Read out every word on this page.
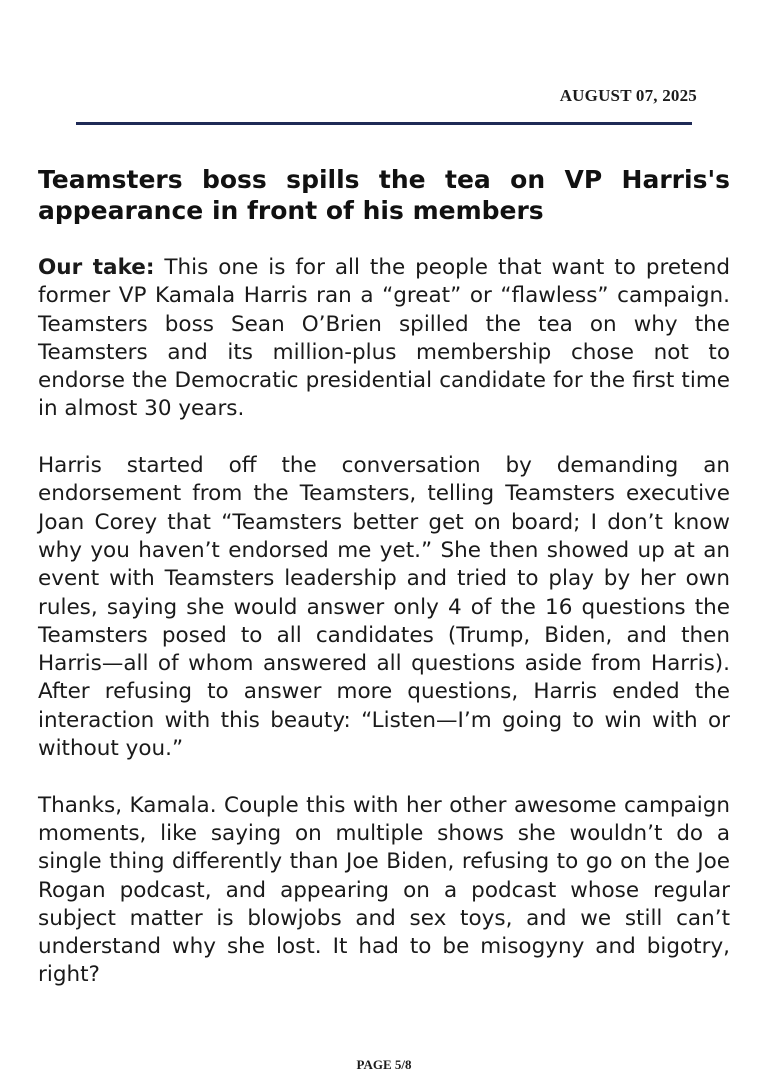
AUGUST 07, 2025
Teamsters boss spills the tea on VP Harris's appearance in front of his members

Our take: This one is for all the people that want to pretend former VP Kamala Harris ran a “great” or “flawless” campaign. Teamsters boss Sean O’Brien spilled the tea on why the Teamsters and its million-plus membership chose not to endorse the Democratic presidential candidate for the first time in almost 30 years.

Harris started off the conversation by demanding an endorsement from the Teamsters, telling Teamsters executive Joan Corey that “Teamsters better get on board; I don’t know why you haven’t endorsed me yet.” She then showed up at an event with Teamsters leadership and tried to play by her own rules, saying she would answer only 4 of the 16 questions the Teamsters posed to all candidates (Trump, Biden, and then Harris—all of whom answered all questions aside from Harris). After refusing to answer more questions, Harris ended the interaction with this beauty: “Listen—I’m going to win with or without you.”

Thanks, Kamala. Couple this with her other awesome campaign moments, like saying on multiple shows she wouldn’t do a single thing differently than Joe Biden, refusing to go on the Joe Rogan podcast, and appearing on a podcast whose regular subject matter is blowjobs and sex toys, and we still can’t understand why she lost. It had to be misogyny and bigotry, right?

PAGE 5/8
